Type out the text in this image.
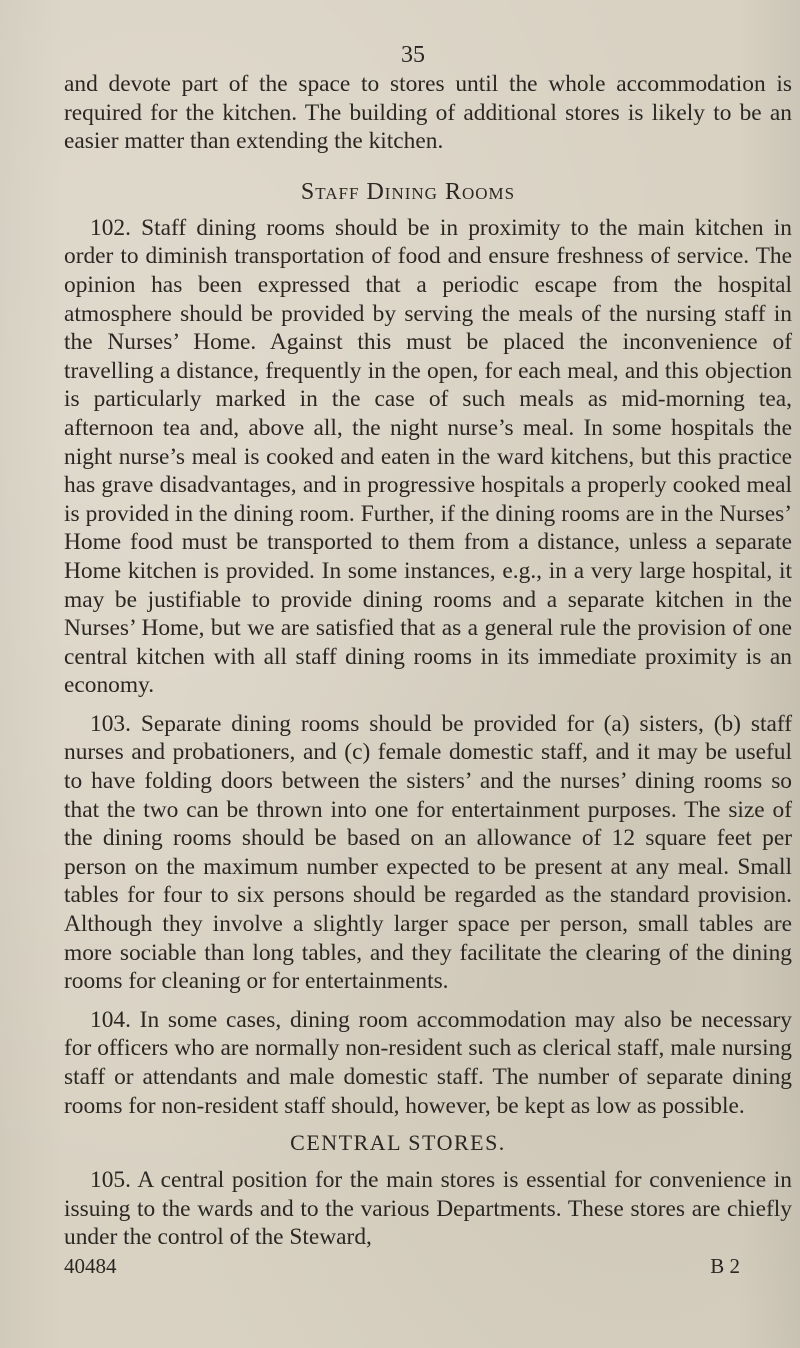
35

and devote part of the space to stores until the whole accommodation is required for the kitchen. The building of additional stores is likely to be an easier matter than extending the kitchen.

Staff Dining Rooms

102. Staff dining rooms should be in proximity to the main kitchen in order to diminish transportation of food and ensure freshness of service. The opinion has been expressed that a periodic escape from the hospital atmosphere should be provided by serving the meals of the nursing staff in the Nurses’ Home. Against this must be placed the inconvenience of travelling a distance, frequently in the open, for each meal, and this objection is particularly marked in the case of such meals as mid-morning tea, afternoon tea and, above all, the night nurse’s meal. In some hospitals the night nurse’s meal is cooked and eaten in the ward kitchens, but this practice has grave disadvantages, and in progressive hospitals a properly cooked meal is provided in the dining room. Further, if the dining rooms are in the Nurses’ Home food must be transported to them from a distance, unless a separate Home kitchen is provided. In some instances, e.g., in a very large hospital, it may be justifiable to provide dining rooms and a separate kitchen in the Nurses’ Home, but we are satisfied that as a general rule the provision of one central kitchen with all staff dining rooms in its immediate proximity is an economy.

103. Separate dining rooms should be provided for (a) sisters, (b) staff nurses and probationers, and (c) female domestic staff, and it may be useful to have folding doors between the sisters’ and the nurses’ dining rooms so that the two can be thrown into one for entertainment purposes. The size of the dining rooms should be based on an allowance of 12 square feet per person on the maximum number expected to be present at any meal. Small tables for four to six persons should be regarded as the standard provision. Although they involve a slightly larger space per person, small tables are more sociable than long tables, and they facilitate the clearing of the dining rooms for cleaning or for entertainments.

104. In some cases, dining room accommodation may also be necessary for officers who are normally non-resident such as clerical staff, male nursing staff or attendants and male domestic staff. The number of separate dining rooms for non-resident staff should, however, be kept as low as possible.

CENTRAL STORES.

105. A central position for the main stores is essential for convenience in issuing to the wards and to the various Departments. These stores are chiefly under the control of the Steward,

40484	B 2
